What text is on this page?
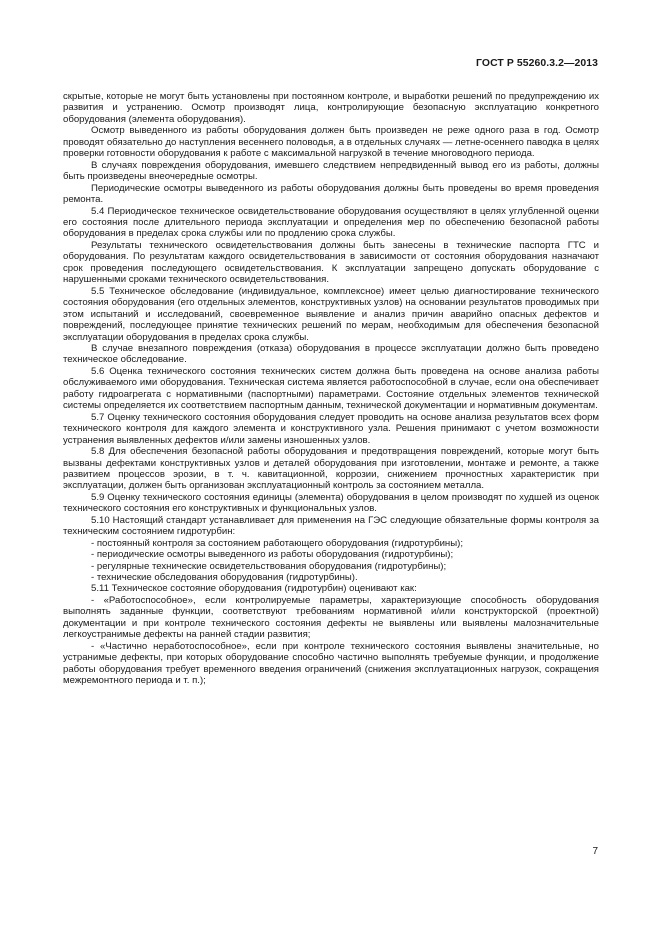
ГОСТ Р 55260.3.2—2013

скрытые, которые не могут быть установлены при постоянном контроле, и выработки решений по предупреждению их развития и устранению. Осмотр производят лица, контролирующие безопасную эксплуатацию конкретного оборудования (элемента оборудования).

Осмотр выведенного из работы оборудования должен быть произведен не реже одного раза в год. Осмотр проводят обязательно до наступления весеннего половодья, а в отдельных случаях — летне-осеннего паводка в целях проверки готовности оборудования к работе с максимальной нагрузкой в течение многоводного периода.

В случаях повреждения оборудования, имевшего следствием непредвиденный вывод его из работы, должны быть произведены внеочередные осмотры.

Периодические осмотры выведенного из работы оборудования должны быть проведены во время проведения ремонта.

5.4 Периодическое техническое освидетельствование оборудования осуществляют в целях углубленной оценки его состояния после длительного периода эксплуатации и определения мер по обеспечению безопасной работы оборудования в пределах срока службы или по продлению срока службы.

Результаты технического освидетельствования должны быть занесены в технические паспорта ГТС и оборудования. По результатам каждого освидетельствования в зависимости от состояния оборудования назначают срок проведения последующего освидетельствования. К эксплуатации запрещено допускать оборудование с нарушенными сроками технического освидетельствования.

5.5 Техническое обследование (индивидуальное, комплексное) имеет целью диагностирование технического состояния оборудования (его отдельных элементов, конструктивных узлов) на основании результатов проводимых при этом испытаний и исследований, своевременное выявление и анализ причин аварийно опасных дефектов и повреждений, последующее принятие технических решений по мерам, необходимым для обеспечения безопасной эксплуатации оборудования в пределах срока службы.

В случае внезапного повреждения (отказа) оборудования в процессе эксплуатации должно быть проведено техническое обследование.

5.6 Оценка технического состояния технических систем должна быть проведена на основе анализа работы обслуживаемого ими оборудования. Техническая система является работоспособной в случае, если она обеспечивает работу гидроагрегата с нормативными (паспортными) параметрами. Состояние отдельных элементов технической системы определяется их соответствием паспортным данным, технической документации и нормативным документам.

5.7 Оценку технического состояния оборудования следует проводить на основе анализа результатов всех форм технического контроля для каждого элемента и конструктивного узла. Решения принимают с учетом возможности устранения выявленных дефектов и/или замены изношенных узлов.

5.8 Для обеспечения безопасной работы оборудования и предотвращения повреждений, которые могут быть вызваны дефектами конструктивных узлов и деталей оборудования при изготовлении, монтаже и ремонте, а также развитием процессов эрозии, в т. ч. кавитационной, коррозии, снижением прочностных характеристик при эксплуатации, должен быть организован эксплуатационный контроль за состоянием металла.

5.9 Оценку технического состояния единицы (элемента) оборудования в целом производят по худшей из оценок технического состояния его конструктивных и функциональных узлов.

5.10 Настоящий стандарт устанавливает для применения на ГЭС следующие обязательные формы контроля за техническим состоянием гидротурбин:

- постоянный контроля за состоянием работающего оборудования (гидротурбины);

- периодические осмотры выведенного из работы оборудования (гидротурбины);

- регулярные технические освидетельствования оборудования (гидротурбины);

- технические обследования оборудования (гидротурбины).

5.11 Техническое состояние оборудования (гидротурбин) оценивают как:

- «Работоспособное», если контролируемые параметры, характеризующие способность оборудования выполнять заданные функции, соответствуют требованиям нормативной и/или конструкторской (проектной) документации и при контроле технического состояния дефекты не выявлены или выявлены малозначительные легкоустранимые дефекты на ранней стадии развития;

- «Частично неработоспособное», если при контроле технического состояния выявлены значительные, но устранимые дефекты, при которых оборудование способно частично выполнять требуемые функции, и продолжение работы оборудования требует временного введения ограничений (снижения эксплуатационных нагрузок, сокращения межремонтного периода и т. п.);

7
